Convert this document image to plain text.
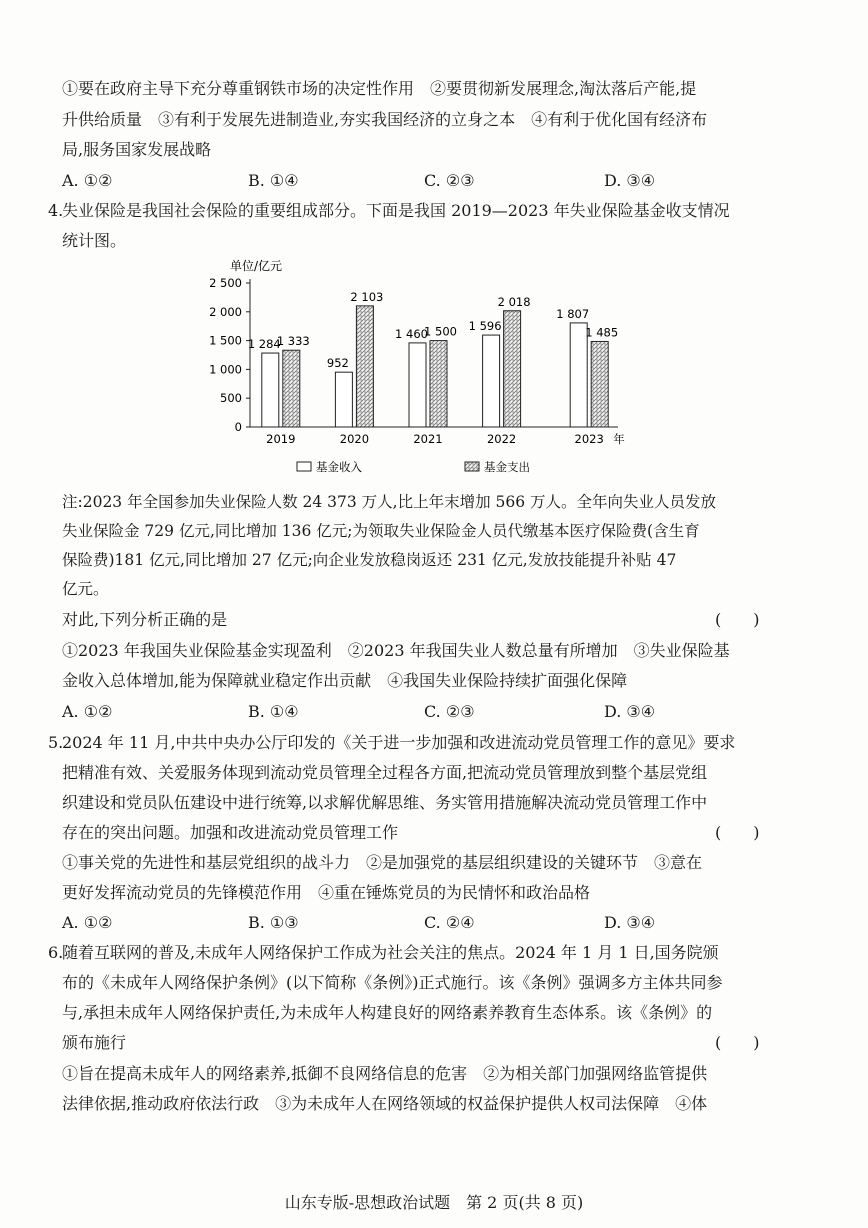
①要在政府主导下充分尊重钢铁市场的决定性作用　②要贯彻新发展理念,淘汰落后产能,提
升供给质量　③有利于发展先进制造业,夯实我国经济的立身之本　④有利于优化国有经济布
局,服务国家发展战略
A. ①②	B. ①④	C. ②③	D. ③④
4.
失业保险是我国社会保险的重要组成部分。下面是我国 2019—2023 年失业保险基金收支情况
统计图。
单位/亿元
0
500
1 000
1 500
2 000
2 500
2019	2020	2021	2022	2023 年
1 284
1 333
952
2 103
1 460
1 500 1 596
2 018
1 807
1 485
基金收入	基金支出
注:2023 年全国参加失业保险人数 24 373 万人,比上年末增加 566 万人。全年向失业人员发放
失业保险金 729 亿元,同比增加 136 亿元;为领取失业保险金人员代缴基本医疗保险费(含生育
保险费)181 亿元,同比增加 27 亿元;向企业发放稳岗返还 231 亿元,发放技能提升补贴 47
亿元。
对此,下列分析正确的是	(　　)
①2023 年我国失业保险基金实现盈利　②2023 年我国失业人数总量有所增加　③失业保险基
金收入总体增加,能为保障就业稳定作出贡献　④我国失业保险持续扩面强化保障
A. ①②	B. ①④	C. ②③	D. ③④
5.
2024 年 11 月,中共中央办公厅印发的《关于进一步加强和改进流动党员管理工作的意见》要求
把精准有效、关爱服务体现到流动党员管理全过程各方面,把流动党员管理放到整个基层党组
织建设和党员队伍建设中进行统筹,以求解优解思维、务实管用措施解决流动党员管理工作中
存在的突出问题。加强和改进流动党员管理工作	(　　)
①事关党的先进性和基层党组织的战斗力　②是加强党的基层组织建设的关键环节　③意在
更好发挥流动党员的先锋模范作用　④重在锤炼党员的为民情怀和政治品格
A. ①②	B. ①③	C. ②④	D. ③④
6.
随着互联网的普及,未成年人网络保护工作成为社会关注的焦点。2024 年 1 月 1 日,国务院颁
布的《未成年人网络保护条例》(以下简称《条例》)正式施行。该《条例》强调多方主体共同参
与,承担未成年人网络保护责任,为未成年人构建良好的网络素养教育生态体系。该《条例》的
颁布施行	(　　)
①旨在提高未成年人的网络素养,抵御不良网络信息的危害　②为相关部门加强网络监管提供
法律依据,推动政府依法行政　③为未成年人在网络领域的权益保护提供人权司法保障　④体
山东专版-思想政治试题　第 2 页(共 8 页)
